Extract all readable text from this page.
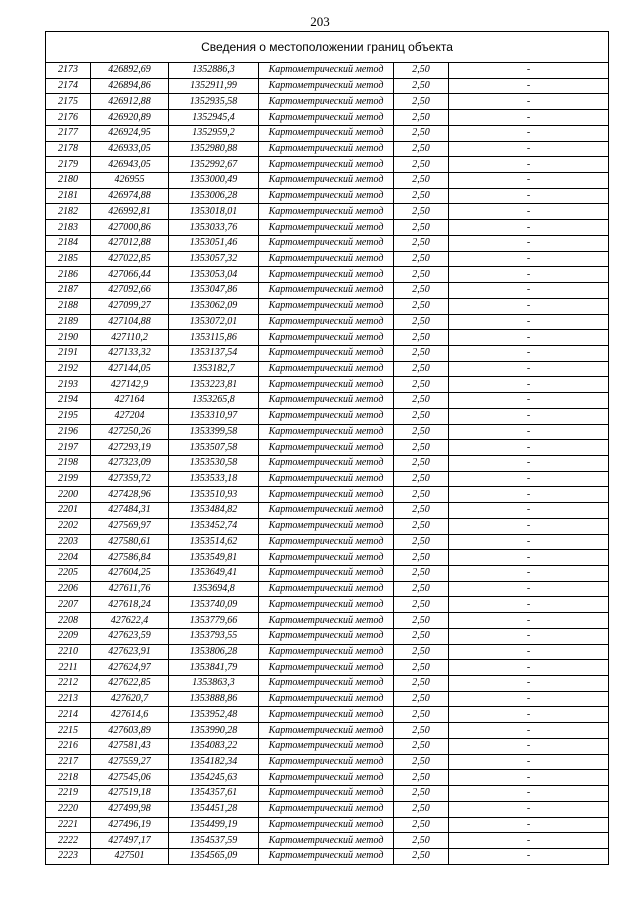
203
Сведения о местоположении границ объекта					
2173	426892,69	1352886,3	Картометрический метод	2,50	-
2174	426894,86	1352911,99	Картометрический метод	2,50	-
2175	426912,88	1352935,58	Картометрический метод	2,50	-
2176	426920,89	1352945,4	Картометрический метод	2,50	-
2177	426924,95	1352959,2	Картометрический метод	2,50	-
2178	426933,05	1352980,88	Картометрический метод	2,50	-
2179	426943,05	1352992,67	Картометрический метод	2,50	-
2180	426955	1353000,49	Картометрический метод	2,50	-
2181	426974,88	1353006,28	Картометрический метод	2,50	-
2182	426992,81	1353018,01	Картометрический метод	2,50	-
2183	427000,86	1353033,76	Картометрический метод	2,50	-
2184	427012,88	1353051,46	Картометрический метод	2,50	-
2185	427022,85	1353057,32	Картометрический метод	2,50	-
2186	427066,44	1353053,04	Картометрический метод	2,50	-
2187	427092,66	1353047,86	Картометрический метод	2,50	-
2188	427099,27	1353062,09	Картометрический метод	2,50	-
2189	427104,88	1353072,01	Картометрический метод	2,50	-
2190	427110,2	1353115,86	Картометрический метод	2,50	-
2191	427133,32	1353137,54	Картометрический метод	2,50	-
2192	427144,05	1353182,7	Картометрический метод	2,50	-
2193	427142,9	1353223,81	Картометрический метод	2,50	-
2194	427164	1353265,8	Картометрический метод	2,50	-
2195	427204	1353310,97	Картометрический метод	2,50	-
2196	427250,26	1353399,58	Картометрический метод	2,50	-
2197	427293,19	1353507,58	Картометрический метод	2,50	-
2198	427323,09	1353530,58	Картометрический метод	2,50	-
2199	427359,72	1353533,18	Картометрический метод	2,50	-
2200	427428,96	1353510,93	Картометрический метод	2,50	-
2201	427484,31	1353484,82	Картометрический метод	2,50	-
2202	427569,97	1353452,74	Картометрический метод	2,50	-
2203	427580,61	1353514,62	Картометрический метод	2,50	-
2204	427586,84	1353549,81	Картометрический метод	2,50	-
2205	427604,25	1353649,41	Картометрический метод	2,50	-
2206	427611,76	1353694,8	Картометрический метод	2,50	-
2207	427618,24	1353740,09	Картометрический метод	2,50	-
2208	427622,4	1353779,66	Картометрический метод	2,50	-
2209	427623,59	1353793,55	Картометрический метод	2,50	-
2210	427623,91	1353806,28	Картометрический метод	2,50	-
2211	427624,97	1353841,79	Картометрический метод	2,50	-
2212	427622,85	1353863,3	Картометрический метод	2,50	-
2213	427620,7	1353888,86	Картометрический метод	2,50	-
2214	427614,6	1353952,48	Картометрический метод	2,50	-
2215	427603,89	1353990,28	Картометрический метод	2,50	-
2216	427581,43	1354083,22	Картометрический метод	2,50	-
2217	427559,27	1354182,34	Картометрический метод	2,50	-
2218	427545,06	1354245,63	Картометрический метод	2,50	-
2219	427519,18	1354357,61	Картометрический метод	2,50	-
2220	427499,98	1354451,28	Картометрический метод	2,50	-
2221	427496,19	1354499,19	Картометрический метод	2,50	-
2222	427497,17	1354537,59	Картометрический метод	2,50	-
2223	427501	1354565,09	Картометрический метод	2,50	-
